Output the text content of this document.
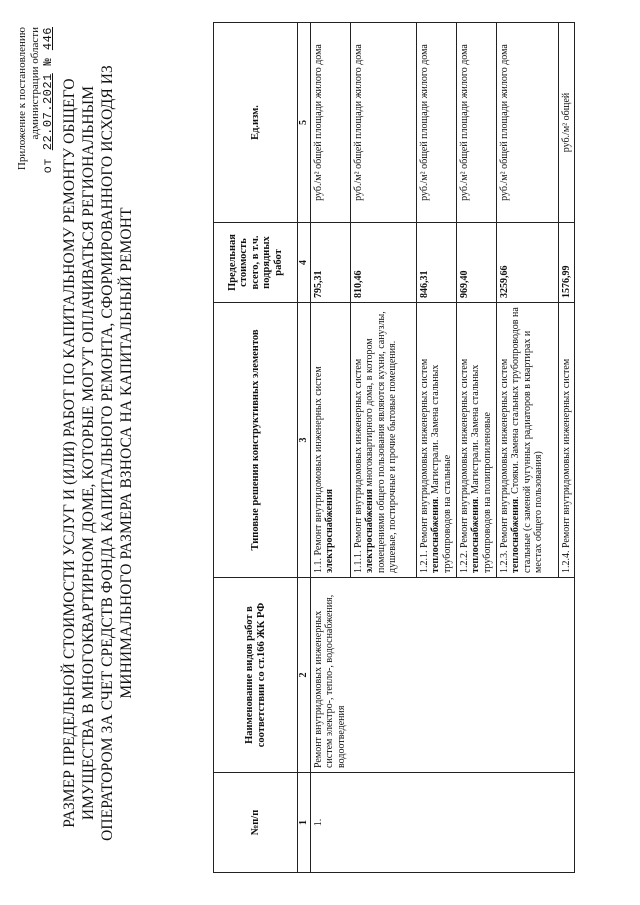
Приложение к постановлению администрации области
от 22.07.2021 № 446
РАЗМЕР ПРЕДЕЛЬНОЙ СТОИМОСТИ УСЛУГ И (ИЛИ) РАБОТ ПО КАПИТАЛЬНОМУ РЕМОНТУ ОБЩЕГО ИМУЩЕСТВА В МНОГОКВАРТИРНОМ ДОМЕ, КОТОРЫЕ МОГУТ ОПЛАЧИВАТЬСЯ РЕГИОНАЛЬНЫМ ОПЕРАТОРОМ ЗА СЧЕТ СРЕДСТВ ФОНДА КАПИТАЛЬНОГО РЕМОНТА, СФОРМИРОВАННОГО ИСХОДЯ ИЗ МИНИМАЛЬНОГО РАЗМЕРА ВЗНОСА НА КАПИТАЛЬНЫЙ РЕМОНТ
№п/п	Наименование видов работ в соответствии со ст.166 ЖК РФ	Типовые решения конструктивных элементов	Предельная стоимость всего, в т.ч. подрядных работ	Ед.изм.
1	2	3	4	5
1.	Ремонт внутридомовых инженерных систем электро-, тепло-, водоснабжения, водоотведения	1.1. Ремонт внутридомовых инженерных систем электроснабжения	795,31	руб./м² общей площади жилого дома
		1.1.1. Ремонт внутридомовых инженерных систем электроснабжения многоквартирного дома, в котором помещениями общего пользования являются кухни, санузлы, душевые, постирочные и прочие бытовые помещения.	810,46	руб./м² общей площади жилого дома
		1.2.1. Ремонт внутридомовых инженерных систем теплоснабжения. Магистрали. Замена стальных трубопроводов на стальные	846,31	руб./м² общей площади жилого дома
		1.2.2. Ремонт внутридомовых инженерных систем теплоснабжения. Магистрали. Замена стальных трубопроводов на полипропиленовые	969,40	руб./м² общей площади жилого дома
		1.2.3. Ремонт внутридомовых инженерных систем теплоснабжения. Стояки. Замена стальных трубопроводов на стальные (с заменой чугунных радиаторов в квартирах и местах общего пользования)	3259,66	руб./м² общей площади жилого дома
		1.2.4. Ремонт внутридомовых инженерных систем	1576,99	руб./м² общей
